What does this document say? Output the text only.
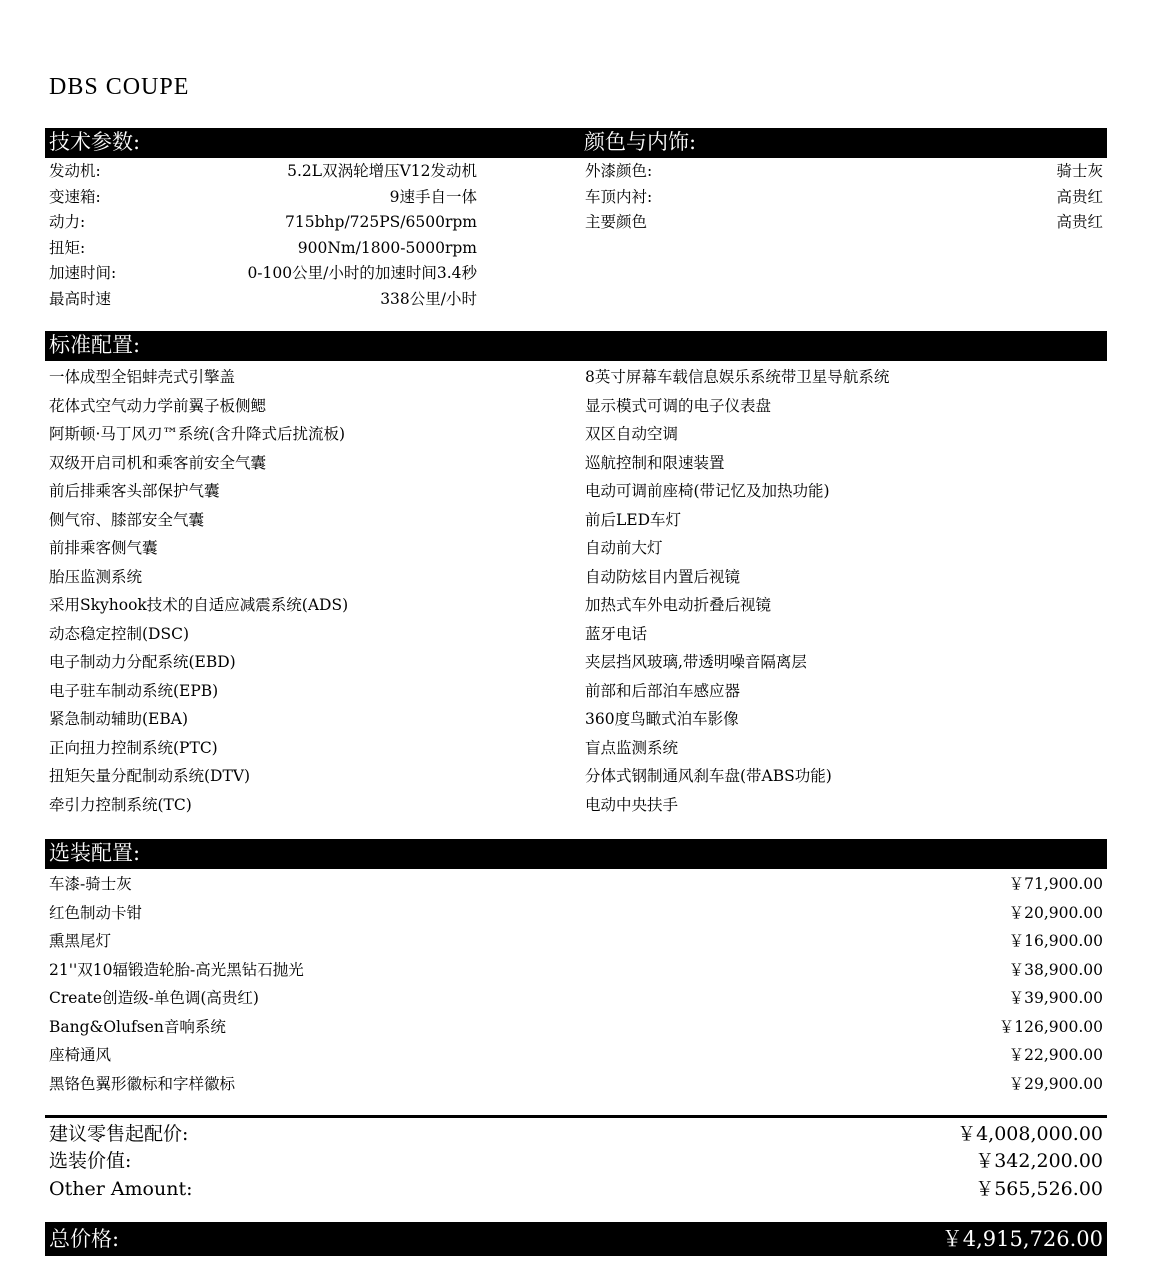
DBS COUPE
技术参数:	颜色与内饰:
发动机:	5.2L双涡轮增压V12发动机
变速箱:	9速手自一体
动力:	715bhp/725PS/6500rpm
扭矩:	900Nm/1800-5000rpm
加速时间:	0-100公里/小时的加速时间3.4秒
最高时速	338公里/小时
外漆颜色:	骑士灰
车顶内衬:	高贵红
主要颜色	高贵红
标准配置:
一体成型全铝蚌壳式引擎盖
花体式空气动力学前翼子板侧鳃
阿斯顿·马丁风刃™系统(含升降式后扰流板)
双级开启司机和乘客前安全气囊
前后排乘客头部保护气囊
侧气帘、膝部安全气囊
前排乘客侧气囊
胎压监测系统
采用Skyhook技术的自适应减震系统(ADS)
动态稳定控制(DSC)
电子制动力分配系统(EBD)
电子驻车制动系统(EPB)
紧急制动辅助(EBA)
正向扭力控制系统(PTC)
扭矩矢量分配制动系统(DTV)
牵引力控制系统(TC)
8英寸屏幕车载信息娱乐系统带卫星导航系统
显示模式可调的电子仪表盘
双区自动空调
巡航控制和限速装置
电动可调前座椅(带记忆及加热功能)
前后LED车灯
自动前大灯
自动防炫目内置后视镜
加热式车外电动折叠后视镜
蓝牙电话
夹层挡风玻璃,带透明噪音隔离层
前部和后部泊车感应器
360度鸟瞰式泊车影像
盲点监测系统
分体式钢制通风刹车盘(带ABS功能)
电动中央扶手
选装配置:
车漆-骑士灰	￥71,900.00
红色制动卡钳	￥20,900.00
熏黑尾灯	￥16,900.00
21''双10辐锻造轮胎-高光黑钻石抛光	￥38,900.00
Create创造级-单色调(高贵红)	￥39,900.00
Bang&Olufsen音响系统	￥126,900.00
座椅通风	￥22,900.00
黑铬色翼形徽标和字样徽标	￥29,900.00
建议零售起配价:	￥4,008,000.00
选装价值:	￥342,200.00
Other Amount:	￥565,526.00
总价格:	￥4,915,726.00
